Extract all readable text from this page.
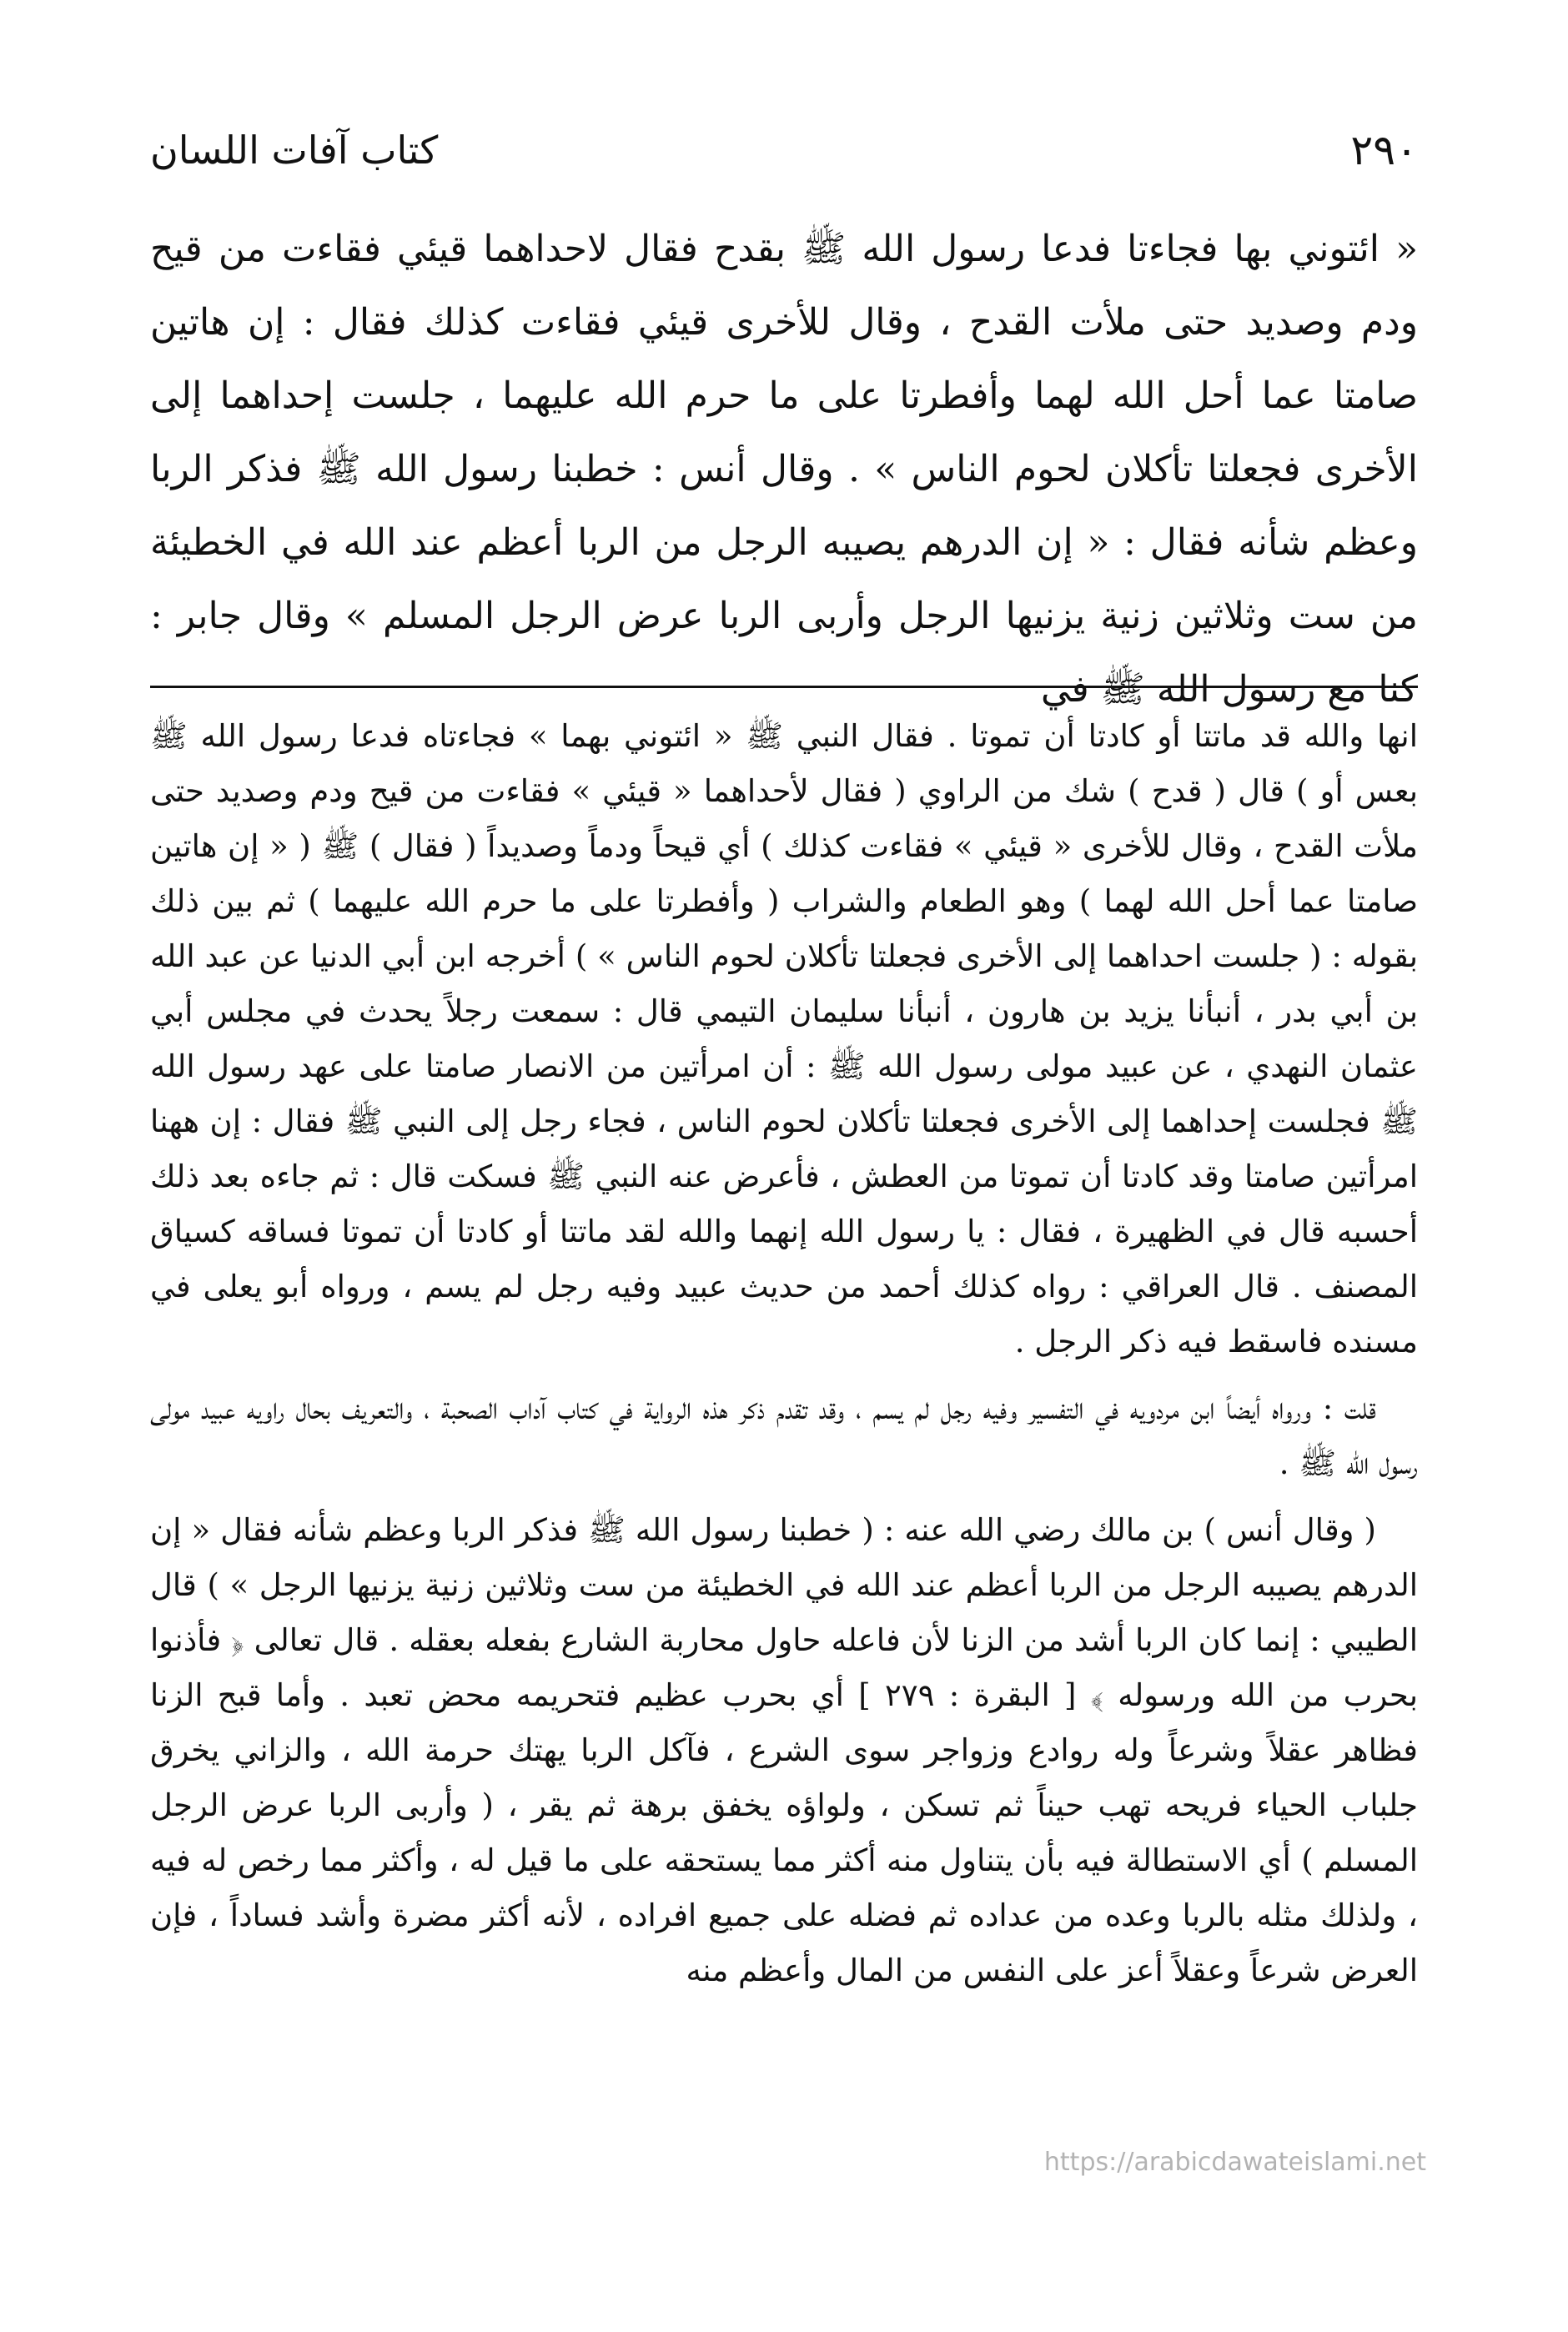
٢٩٠
كتاب آفات اللسان

« ائتوني بها فجاءتا فدعا رسول الله ﷺ بقدح فقال لاحداهما قيئي فقاءت من قيح ودم وصديد حتى ملأت القدح ، وقال للأخرى قيئي فقاءت كذلك فقال : إن هاتين صامتا عما أحل الله لهما وأفطرتا على ما حرم الله عليهما ، جلست إحداهما إلى الأخرى فجعلتا تأكلان لحوم الناس » . وقال أنس : خطبنا رسول الله ﷺ فذكر الربا وعظم شأنه فقال : « إن الدرهم يصيبه الرجل من الربا أعظم عند الله في الخطيئة من ست وثلاثين زنية يزنيها الرجل وأربى الربا عرض الرجل المسلم » وقال جابر : كنا مع رسول الله ﷺ في

انها والله قد ماتتا أو كادتا أن تموتا . فقال النبي ﷺ « ائتوني بهما » فجاءتاه فدعا رسول الله ﷺ بعس أو ) قال ( قدح ) شك من الراوي ( فقال لأحداهما « قيئي » فقاءت من قيح ودم وصديد حتى ملأت القدح ، وقال للأخرى « قيئي » فقاءت كذلك ) أي قيحاً ودماً وصديداً ( فقال ) ﷺ ( « إن هاتين صامتا عما أحل الله لهما ) وهو الطعام والشراب ( وأفطرتا على ما حرم الله عليهما ) ثم بين ذلك بقوله : ( جلست احداهما إلى الأخرى فجعلتا تأكلان لحوم الناس » ) أخرجه ابن أبي الدنيا عن عبد الله بن أبي بدر ، أنبأنا يزيد بن هارون ، أنبأنا سليمان التيمي قال : سمعت رجلاً يحدث في مجلس أبي عثمان النهدي ، عن عبيد مولى رسول الله ﷺ : أن امرأتين من الانصار صامتا على عهد رسول الله ﷺ فجلست إحداهما إلى الأخرى فجعلتا تأكلان لحوم الناس ، فجاء رجل إلى النبي ﷺ فقال : إن ههنا امرأتين صامتا وقد كادتا أن تموتا من العطش ، فأعرض عنه النبي ﷺ فسكت قال : ثم جاءه بعد ذلك أحسبه قال في الظهيرة ، فقال : يا رسول الله إنهما والله لقد ماتتا أو كادتا أن تموتا فساقه كسياق المصنف . قال العراقي : رواه كذلك أحمد من حديث عبيد وفيه رجل لم يسم ، ورواه أبو يعلى في مسنده فاسقط فيه ذكر الرجل .

قلت : ورواه أيضاً ابن مردويه في التفسير وفيه رجل لم يسم ، وقد تقدم ذكر هذه الرواية في كتاب آداب الصحبة ، والتعريف بحال راويه عبيد مولى رسول الله ﷺ .

( وقال أنس ) بن مالك رضي الله عنه : ( خطبنا رسول الله ﷺ فذكر الربا وعظم شأنه فقال « إن الدرهم يصيبه الرجل من الربا أعظم عند الله في الخطيئة من ست وثلاثين زنية يزنيها الرجل » ) قال الطيبي : إنما كان الربا أشد من الزنا لأن فاعله حاول محاربة الشارع بفعله بعقله . قال تعالى ﴿ فأذنوا بحرب من الله ورسوله ﴾ [ البقرة : ٢٧٩ ] أي بحرب عظيم فتحريمه محض تعبد . وأما قبح الزنا فظاهر عقلاً وشرعاً وله روادع وزواجر سوى الشرع ، فآكل الربا يهتك حرمة الله ، والزاني يخرق جلباب الحياء فريحه تهب حيناً ثم تسكن ، ولواؤه يخفق برهة ثم يقر ، ( وأربى الربا عرض الرجل المسلم ) أي الاستطالة فيه بأن يتناول منه أكثر مما يستحقه على ما قيل له ، وأكثر مما رخص له فيه ، ولذلك مثله بالربا وعده من عداده ثم فضله على جميع افراده ، لأنه أكثر مضرة وأشد فساداً ، فإن العرض شرعاً وعقلاً أعز على النفس من المال وأعظم منه

https://arabicdawateislami.net
